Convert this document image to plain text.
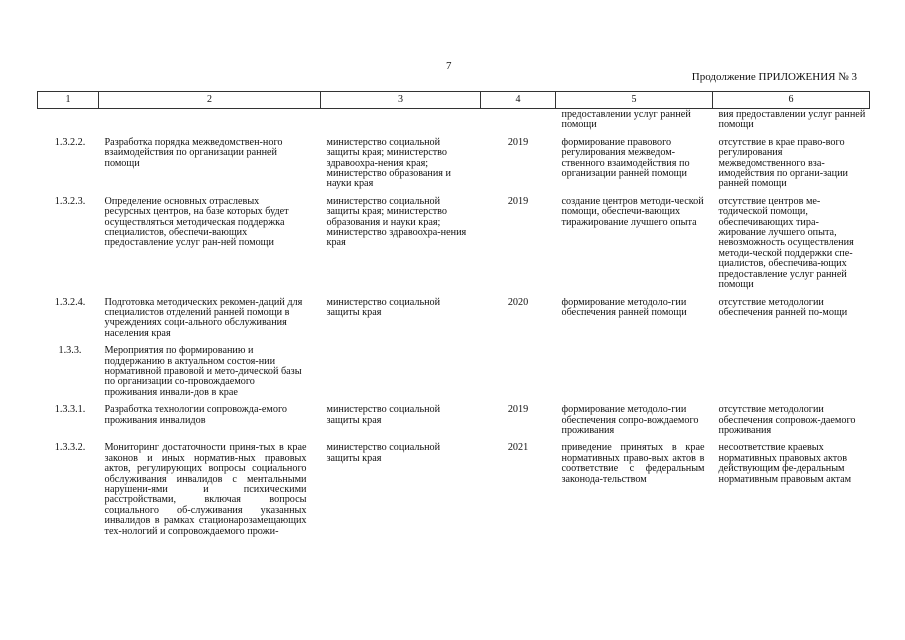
7
Продолжение ПРИЛОЖЕНИЯ № 3
1	2	3	4	5	6
				предоставлении услуг ранней помощи	вия предоставлении услуг ранней помощи
1.3.2.2.	Разработка порядка межведомствен-ного взаимодействия по организации ранней помощи	министерство социальной защиты края; министерство здравоохра-нения края; министерство образования и науки края	2019	формирование правового регулирования межведом-ственного взаимодействия по организации ранней помощи	отсутствие в крае право-вого регулирования межведомственного вза-имодействия по органи-зации ранней помощи
1.3.2.3.	Определение основных отраслевых ресурсных центров, на базе которых будет осуществляться методическая поддержка специалистов, обеспечи-вающих предоставление услуг ран-ней помощи	министерство социальной защиты края; министерство образования и науки края; министерство здравоохра-нения края	2019	создание центров методи-ческой помощи, обеспечи-вающих тиражирование лучшего опыта	отсутствие центров ме-тодической помощи, обеспечивающих тира-жирование лучшего опыта, невозможность осуществления методи-ческой поддержки спе-циалистов, обеспечива-ющих предоставление услуг ранней помощи
1.3.2.4.	Подготовка методических рекомен-даций для специалистов отделений ранней помощи в учреждениях соци-ального обслуживания населения края	министерство социальной защиты края	2020	формирование методоло-гии обеспечения ранней помощи	отсутствие методологии обеспечения ранней по-мощи
1.3.3.	Мероприятия по формированию и поддержанию в актуальном состоя-нии нормативной правовой и мето-дической базы по организации со-провождаемого проживания инвали-дов в крае				
1.3.3.1.	Разработка технологии сопровожда-емого проживания инвалидов	министерство социальной защиты края	2019	формирование методоло-гии обеспечения сопро-вождаемого проживания	отсутствие методологии обеспечения сопровож-даемого проживания
1.3.3.2.	Мониторинг достаточности приня-тых в крае законов и иных норматив-ных правовых актов, регулирующих вопросы социального обслуживания инвалидов с ментальными нарушени-ями и психическими расстройствами, включая вопросы социального об-служивания указанных инвалидов в рамках стационарозамещающих тех-нологий и сопровождаемого прожи-	министерство социальной защиты края	2021	приведение принятых в крае нормативных право-вых актов в соответствие с федеральным законода-тельством	несоответствие краевых нормативных правовых актов действующим фе-деральным нормативным правовым актам
